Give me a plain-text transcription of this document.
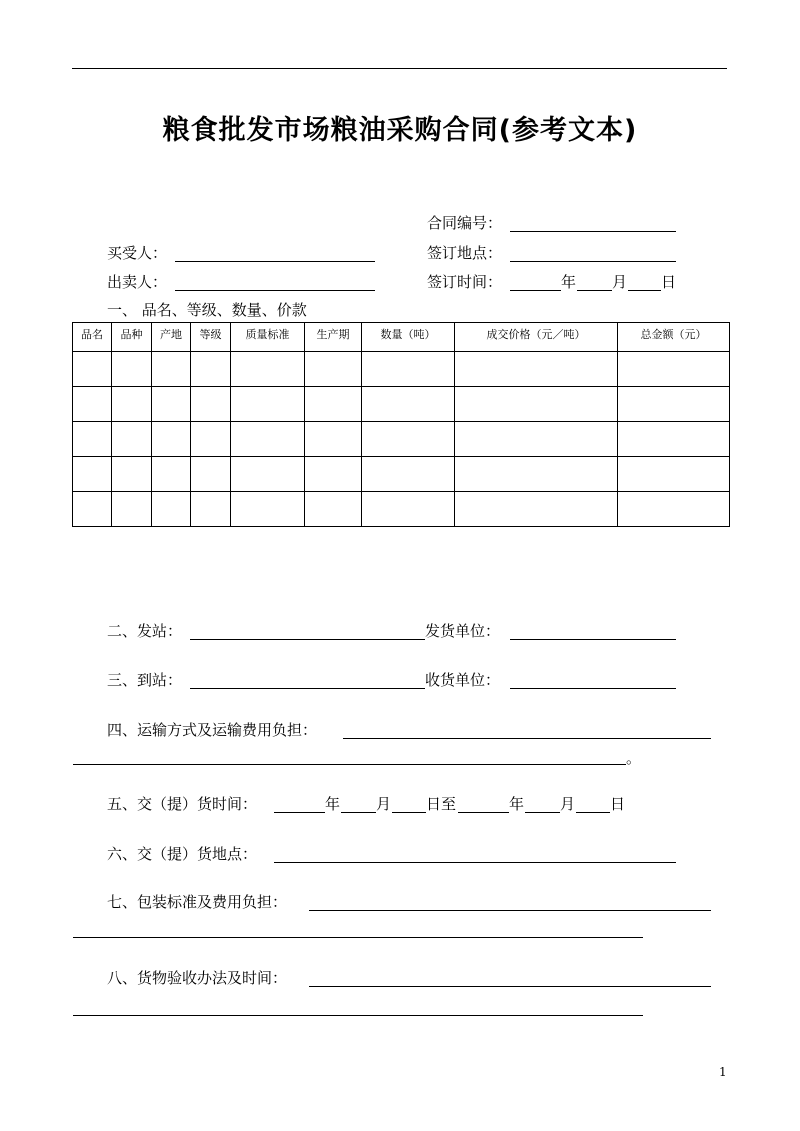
粮食批发市场粮油采购合同(参考文本)
合同编号：
买受人：	签订地点：
出卖人：	签订时间：	年 月 日
一、 品名、等级、数量、价款
品名	品种	产地	等级	质量标准	生产期	数量（吨）	成交价格（元／吨）	总金额（元）

二、发站：	发货单位：
三、到站：	收货单位：
四、运输方式及运输费用负担：
。
五、交（提）货时间：	年 月 日至	年 月 日
六、交（提）货地点：
七、包装标准及费用负担：
八、货物验收办法及时间：
1
